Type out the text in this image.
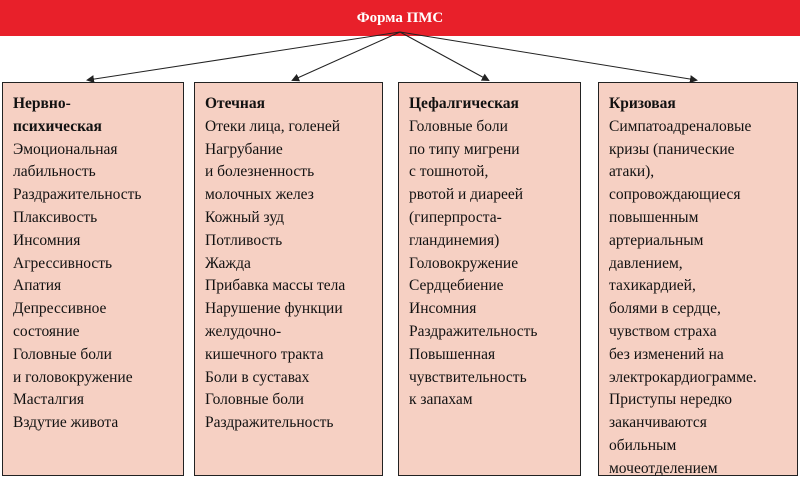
Форма ПМС
Нервно-
психическая
Эмоциональная
лабильность
Раздражительность
Плаксивость
Инсомния
Агрессивность
Апатия
Депрессивное
состояние
Головные боли
и головокружение
Масталгия
Вздутие живота
Отечная
Отеки лица, голеней
Нагрубание
и болезненность
молочных желез
Кожный зуд
Потливость
Жажда
Прибавка массы тела
Нарушение функции
желудочно-
кишечного тракта
Боли в суставах
Головные боли
Раздражительность
Цефалгическая
Головные боли
по типу мигрени
с тошнотой,
рвотой и диареей
(гиперпроста-
гландинемия)
Головокружение
Сердцебиение
Инсомния
Раздражительность
Повышенная
чувствительность
к запахам
Кризовая
Симпатоадреналовые
кризы (панические
атаки),
сопровождающиеся
повышенным
артериальным
давлением,
тахикардией,
болями в сердце,
чувством страха
без изменений на
электрокардиограмме.
Приступы нередко
заканчиваются
обильным
мочеотделением
